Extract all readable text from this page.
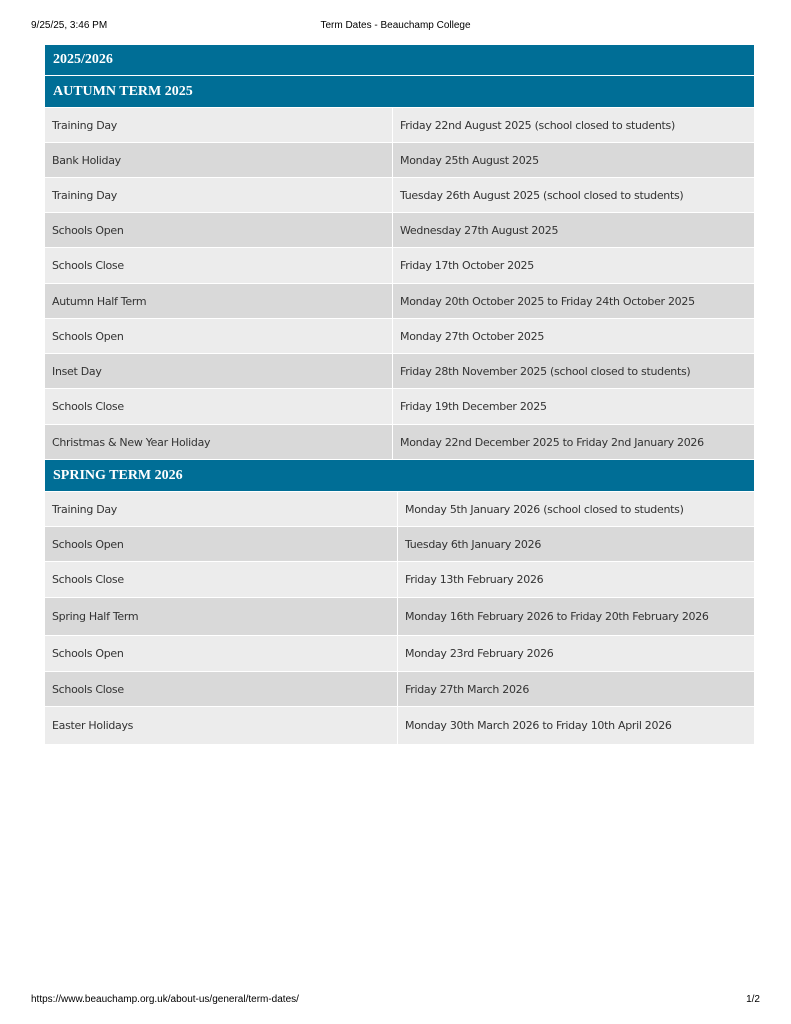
9/25/25, 3:46 PM	Term Dates - Beauchamp College
2025/2026
AUTUMN TERM 2025
Training Day	Friday 22nd August 2025 (school closed to students)
Bank Holiday	Monday 25th August 2025
Training Day	Tuesday 26th August 2025 (school closed to students)
Schools Open	Wednesday 27th August 2025
Schools Close	Friday 17th October 2025
Autumn Half Term	Monday 20th October 2025 to Friday 24th October 2025
Schools Open	Monday 27th October 2025
Inset Day	Friday 28th November 2025 (school closed to students)
Schools Close	Friday 19th December 2025
Christmas & New Year Holiday	Monday 22nd December 2025 to Friday 2nd January 2026
SPRING TERM 2026
Training Day	Monday 5th January 2026 (school closed to students)
Schools Open	Tuesday 6th January 2026
Schools Close	Friday 13th February 2026
Spring Half Term	Monday 16th February 2026 to Friday 20th February 2026
Schools Open	Monday 23rd February 2026
Schools Close	Friday 27th March 2026
Easter Holidays	Monday 30th March 2026 to Friday 10th April 2026
https://www.beauchamp.org.uk/about-us/general/term-dates/	1/2
